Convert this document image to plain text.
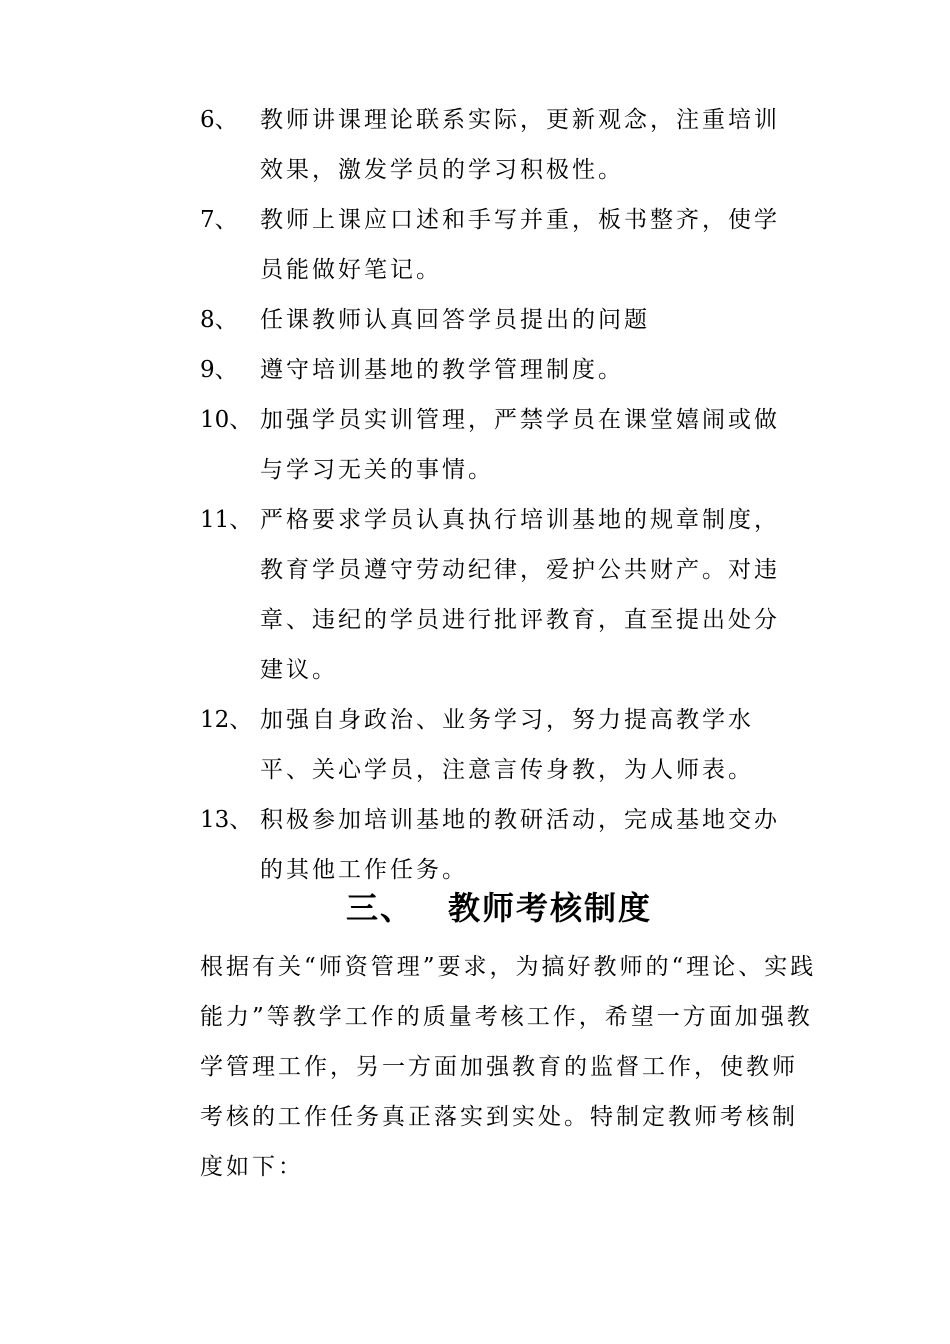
6、 教师讲课理论联系实际，更新观念，注重培训效果，激发学员的学习积极性。
7、 教师上课应口述和手写并重，板书整齐，使学员能做好笔记。
8、 任课教师认真回答学员提出的问题
9、 遵守培训基地的教学管理制度。
10、 加强学员实训管理，严禁学员在课堂嬉闹或做与学习无关的事情。
11、 严格要求学员认真执行培训基地的规章制度，教育学员遵守劳动纪律，爱护公共财产。对违章、违纪的学员进行批评教育，直至提出处分建议。
12、 加强自身政治、业务学习，努力提高教学水平、关心学员，注意言传身教，为人师表。
13、 积极参加培训基地的教研活动，完成基地交办的其他工作任务。
三、 教师考核制度

根据有关“师资管理”要求，为搞好教师的“理论、实践能力”等教学工作的质量考核工作，希望一方面加强教学管理工作，另一方面加强教育的监督工作，使教师考核的工作任务真正落实到实处。特制定教师考核制度如下：
